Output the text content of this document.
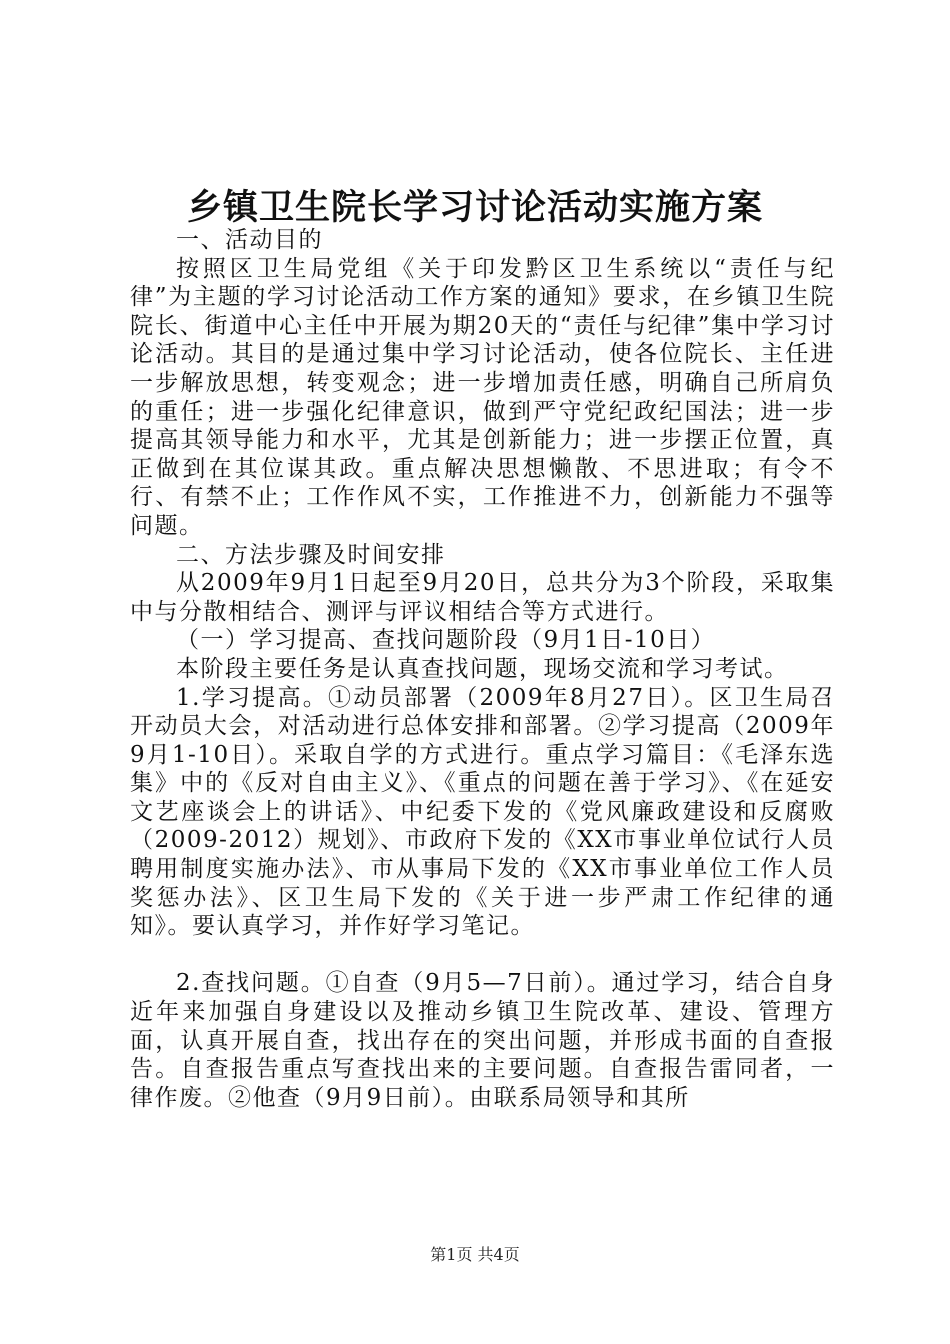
乡镇卫生院长学习讨论活动实施方案

一、活动目的

按照区卫生局党组《关于印发黔区卫生系统以“责任与纪律”为主题的学习讨论活动工作方案的通知》要求，在乡镇卫生院院长、街道中心主任中开展为期20天的“责任与纪律”集中学习讨论活动。其目的是通过集中学习讨论活动，使各位院长、主任进一步解放思想，转变观念；进一步增加责任感，明确自己所肩负的重任；进一步强化纪律意识，做到严守党纪政纪国法；进一步提高其领导能力和水平，尤其是创新能力；进一步摆正位置，真正做到在其位谋其政。重点解决思想懒散、不思进取；有令不行、有禁不止；工作作风不实，工作推进不力，创新能力不强等问题。

二、方法步骤及时间安排

从2009年9月1日起至9月20日，总共分为3个阶段，采取集中与分散相结合、测评与评议相结合等方式进行。

（一）学习提高、查找问题阶段（9月1日-10日）

本阶段主要任务是认真查找问题，现场交流和学习考试。

1.学习提高。①动员部署（2009年8月27日）。区卫生局召开动员大会，对活动进行总体安排和部署。②学习提高（2009年9月1-10日）。采取自学的方式进行。重点学习篇目：《毛泽东选集》中的《反对自由主义》、《重点的问题在善于学习》、《在延安文艺座谈会上的讲话》、中纪委下发的《党风廉政建设和反腐败（2009-2012）规划》、市政府下发的《XX市事业单位试行人员聘用制度实施办法》、市从事局下发的《XX市事业单位工作人员奖惩办法》、区卫生局下发的《关于进一步严肃工作纪律的通知》。要认真学习，并作好学习笔记。

2.查找问题。①自查（9月5—7日前）。通过学习，结合自身近年来加强自身建设以及推动乡镇卫生院改革、建设、管理方面，认真开展自查，找出存在的突出问题，并形成书面的自查报告。自查报告重点写查找出来的主要问题。自查报告雷同者，一律作废。②他查（9月9日前）。由联系局领导和其所

第1页 共4页
